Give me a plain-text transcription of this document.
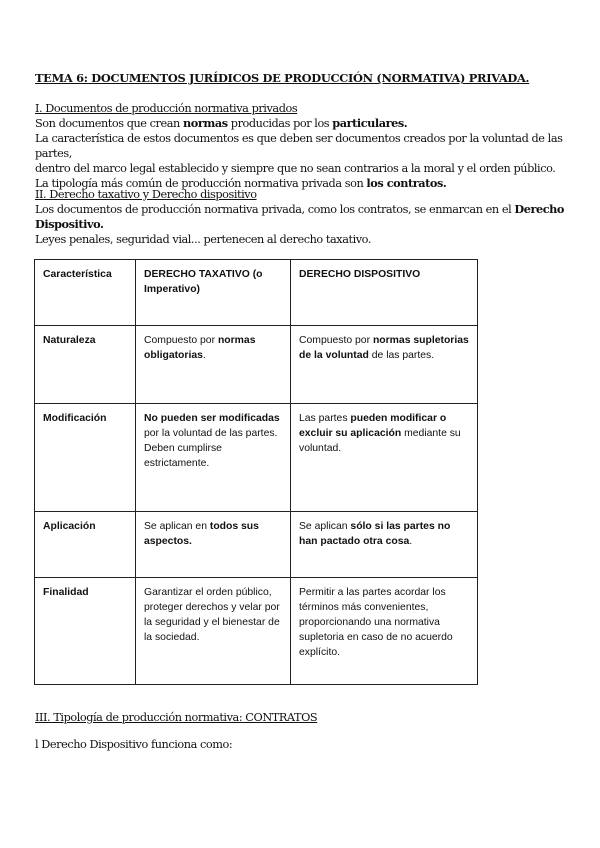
TEMA 6: DOCUMENTOS JURÍDICOS DE PRODUCCIÓN (NORMATIVA) PRIVADA.

I. Documentos de producción normativa privados

Son documentos que crean normas producidas por los particulares.

La característica de estos documentos es que deben ser documentos creados por la voluntad de las partes,

dentro del marco legal establecido y siempre que no sean contrarios a la moral y el orden público.

La tipología más común de producción normativa privada son los contratos.

II. Derecho taxativo y Derecho dispositivo

Los documentos de producción normativa privada, como los contratos, se enmarcan en el Derecho

Dispositivo.

Leyes penales, seguridad vial... pertenecen al derecho taxativo.

Característica	DERECHO TAXATIVO (o Imperativo)	DERECHO DISPOSITIVO
Naturaleza	Compuesto por normas obligatorias.	Compuesto por normas supletorias de la voluntad de las partes.
Modificación	No pueden ser modificadas por la voluntad de las partes. Deben cumplirse estrictamente.	Las partes pueden modificar o excluir su aplicación mediante su voluntad.
Aplicación	Se aplican en todos sus aspectos.	Se aplican sólo si las partes no han pactado otra cosa.
Finalidad	Garantizar el orden público, proteger derechos y velar por la seguridad y el bienestar de la sociedad.	Permitir a las partes acordar los términos más convenientes, proporcionando una normativa supletoria en caso de no acuerdo explícito.

III. Tipología de producción normativa: CONTRATOS

l Derecho Dispositivo funciona como:
